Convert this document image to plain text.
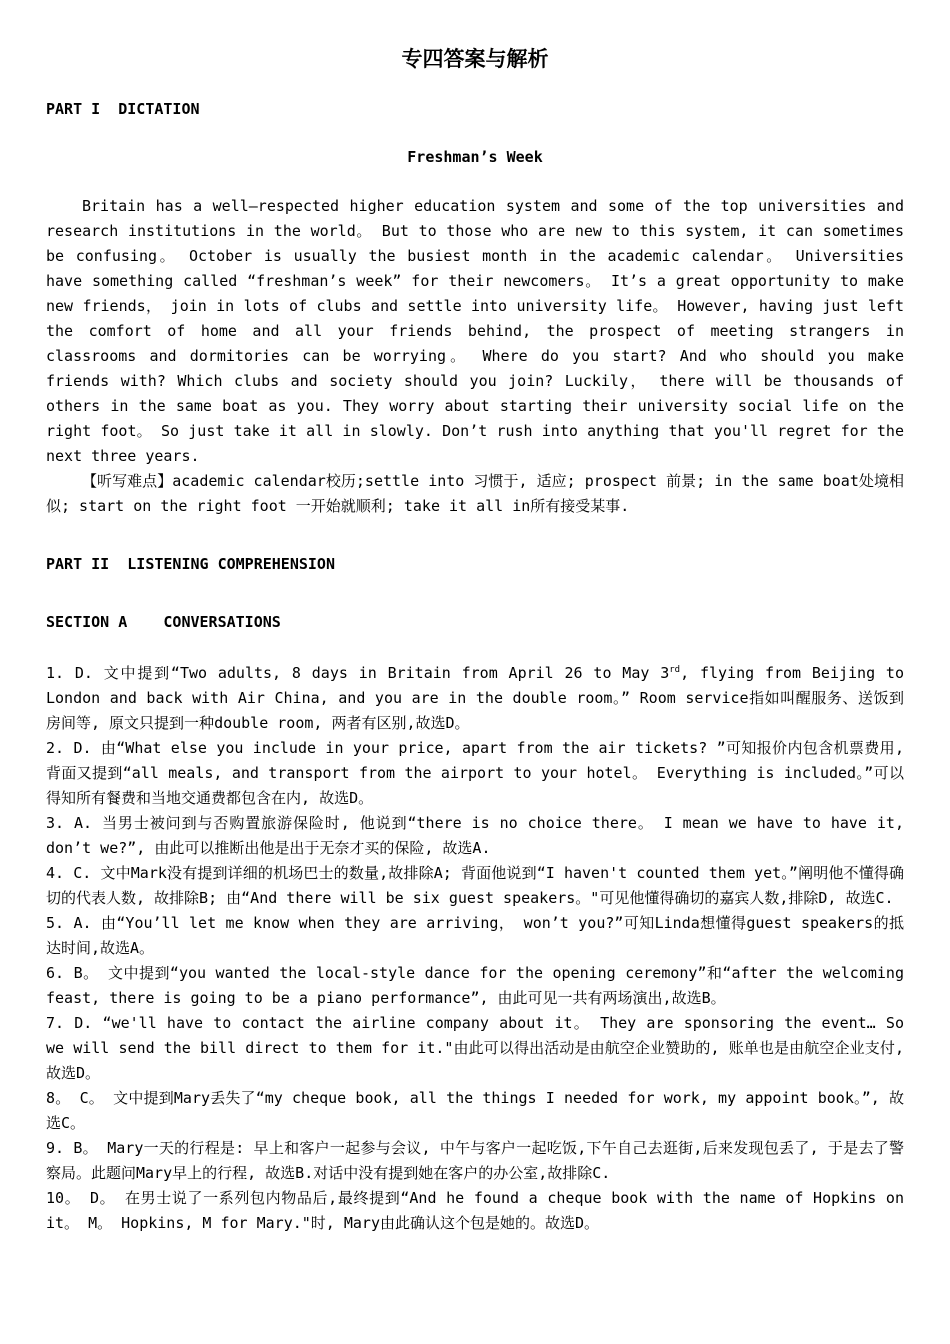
专四答案与解析
PART I  DICTATION
Freshman’s Week

Britain has a well—respected higher education system and some of the top universities and research institutions in the world。 But to those who are new to this system, it can sometimes be confusing。 October is usually the busiest month in the academic calendar。 Universities have something called “freshman’s week” for their newcomers。 It’s a great opportunity to make new friends， join in lots of clubs and settle into university life。 However, having just left the comfort of home and all your friends behind, the prospect of meeting strangers in classrooms and dormitories can be worrying。 Where do you start? And who should you make friends with? Which clubs and society should you join? Luckily， there will be thousands of others in the same boat as you. They worry about starting their university social life on the right foot。 So just take it all in slowly. Don’t rush into anything that you'll regret for the next three years.

【听写难点】academic calendar校历;settle into 习惯于, 适应; prospect 前景; in the same boat处境相似; start on the right foot 一开始就顺利; take it all in所有接受某事.

PART II  LISTENING COMPREHENSION
SECTION A    CONVERSATIONS

1. D. 文中提到“Two adults, 8 days in Britain from April 26 to May 3rd, flying from Beijing to London and back with Air China, and you are in the double room。” Room service指如叫醒服务、送饭到房间等, 原文只提到一种double room, 两者有区别,故选D。

2. D. 由“What else you include in your price, apart from the air tickets? ”可知报价内包含机票费用, 背面又提到“all meals, and transport from the airport to your hotel。 Everything is included。”可以得知所有餐费和当地交通费都包含在内, 故选D。

3. A. 当男士被问到与否购置旅游保险时, 他说到“there is no choice there。 I mean we have to have it, don’t we?”, 由此可以推断出他是出于无奈才买的保险, 故选A.

4. C. 文中Mark没有提到详细的机场巴士的数量,故排除A; 背面他说到“I haven't counted them yet。”阐明他不懂得确切的代表人数, 故排除B; 由“And there will be six guest speakers。"可见他懂得确切的嘉宾人数,排除D, 故选C.

5. A. 由“You’ll let me know when they are arriving， won’t you?”可知Linda想懂得guest speakers的抵达时间,故选A。

6. B。 文中提到“you wanted the local-style dance for the opening ceremony”和“after the welcoming feast, there is going to be a piano performance”, 由此可见一共有两场演出,故选B。

7. D. “we'll have to contact the airline company about it。 They are sponsoring the event… So we will send the bill direct to them for it."由此可以得出活动是由航空企业赞助的, 账单也是由航空企业支付, 故选D。

8。 C。 文中提到Mary丢失了“my cheque book, all the things I needed for work, my appoint book。”, 故选C。

9. B。 Mary一天的行程是: 早上和客户一起参与会议, 中午与客户一起吃饭,下午自己去逛街,后来发现包丢了, 于是去了警察局。此题问Mary早上的行程, 故选B.对话中没有提到她在客户的办公室,故排除C.

10。 D。 在男士说了一系列包内物品后,最终提到“And he found a cheque book with the name of Hopkins on it。 M。 Hopkins, M for Mary."时, Mary由此确认这个包是她的。故选D。
